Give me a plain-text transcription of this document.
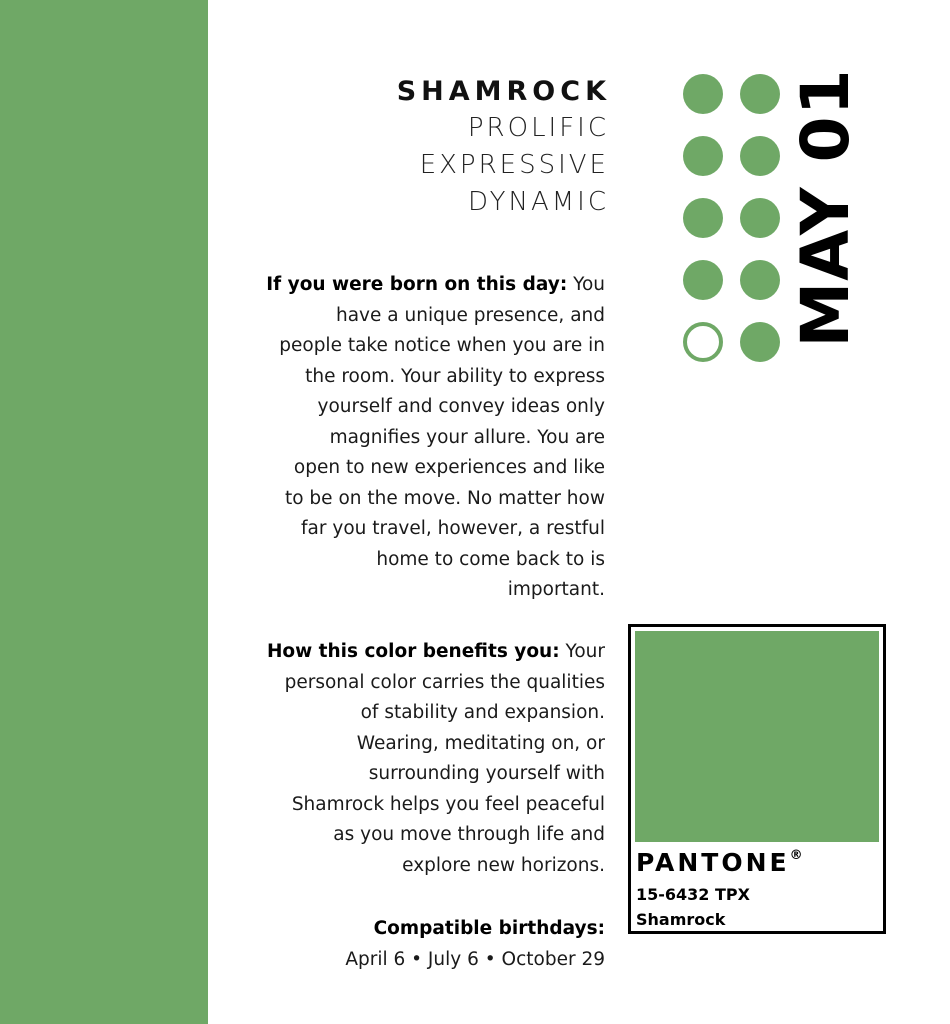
SHAMROCK
PROLIFIC
EXPRESSIVE
DYNAMIC	MAY 01
If you were born on this day: You
have a unique presence, and
people take notice when you are in
the room. Your ability to express
yourself and convey ideas only
magnifies your allure. You are
open to new experiences and like
to be on the move. No matter how
far you travel, however, a restful
home to come back to is
important.
How this color benefits you: Your
personal color carries the qualities
of stability and expansion.
Wearing, meditating on, or
surrounding yourself with
Shamrock helps you feel peaceful
as you move through life and
explore new horizons.
Compatible birthdays:
April 6 • July 6 • October 29
PANTONE®
15-6432 TPX
Shamrock
